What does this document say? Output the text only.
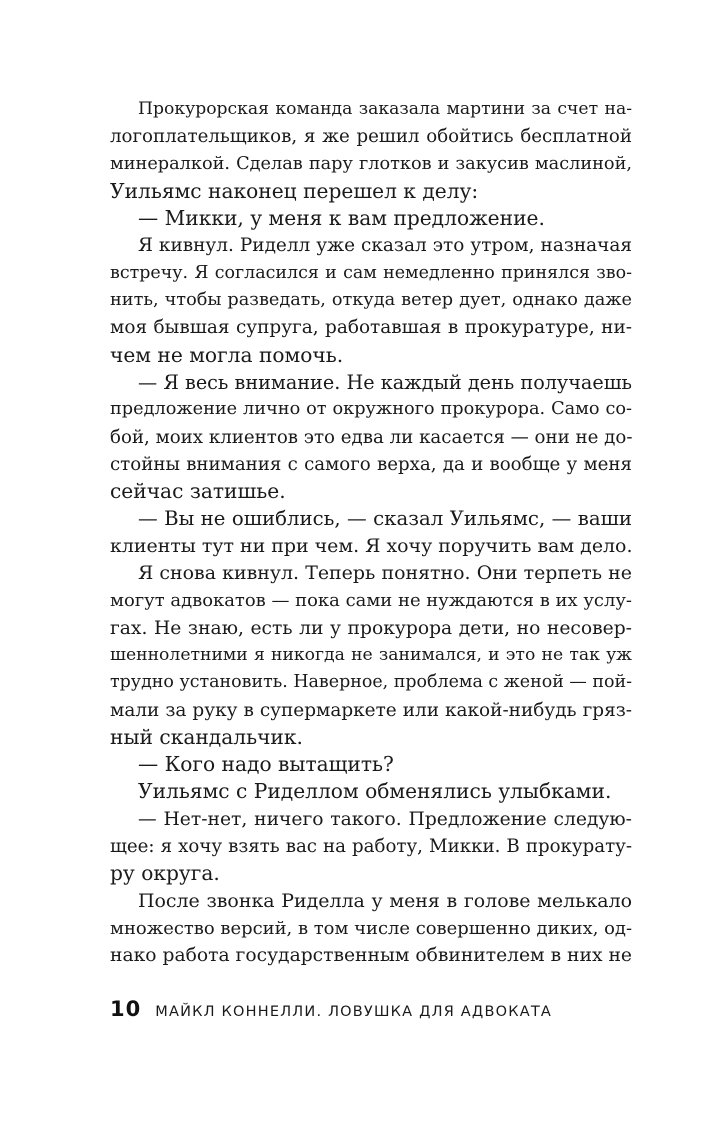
Прокурорская команда заказала мартини за счет на-
логоплательщиков, я же решил обойтись бесплатной
минералкой. Сделав пару глотков и закусив маслиной,
Уильямс наконец перешел к делу:
— Микки, у меня к вам предложение.
Я кивнул. Риделл уже сказал это утром, назначая
встречу. Я согласился и сам немедленно принялся зво-
нить, чтобы разведать, откуда ветер дует, однако даже
моя бывшая супруга, работавшая в прокуратуре, ни-
чем не могла помочь.
— Я весь внимание. Не каждый день получаешь
предложение лично от окружного прокурора. Само со-
бой, моих клиентов это едва ли касается — они не до-
стойны внимания с самого верха, да и вообще у меня
сейчас затишье.
— Вы не ошиблись, — сказал Уильямс, — ваши
клиенты тут ни при чем. Я хочу поручить вам дело.
Я снова кивнул. Теперь понятно. Они терпеть не
могут адвокатов — пока сами не нуждаются в их услу-
гах. Не знаю, есть ли у прокурора дети, но несовер-
шеннолетними я никогда не занимался, и это не так уж
трудно установить. Наверное, проблема с женой — пой-
мали за руку в супермаркете или какой-нибудь гряз-
ный скандальчик.
— Кого надо вытащить?
Уильямс с Риделлом обменялись улыбками.
— Нет-нет, ничего такого. Предложение следую-
щее: я хочу взять вас на работу, Микки. В прокурату-
ру округа.
После звонка Риделла у меня в голове мелькало
множество версий, в том числе совершенно диких, од-
нако работа государственным обвинителем в них не
10 МАЙКЛ КОННЕЛЛИ. ЛОВУШКА ДЛЯ АДВОКАТА
